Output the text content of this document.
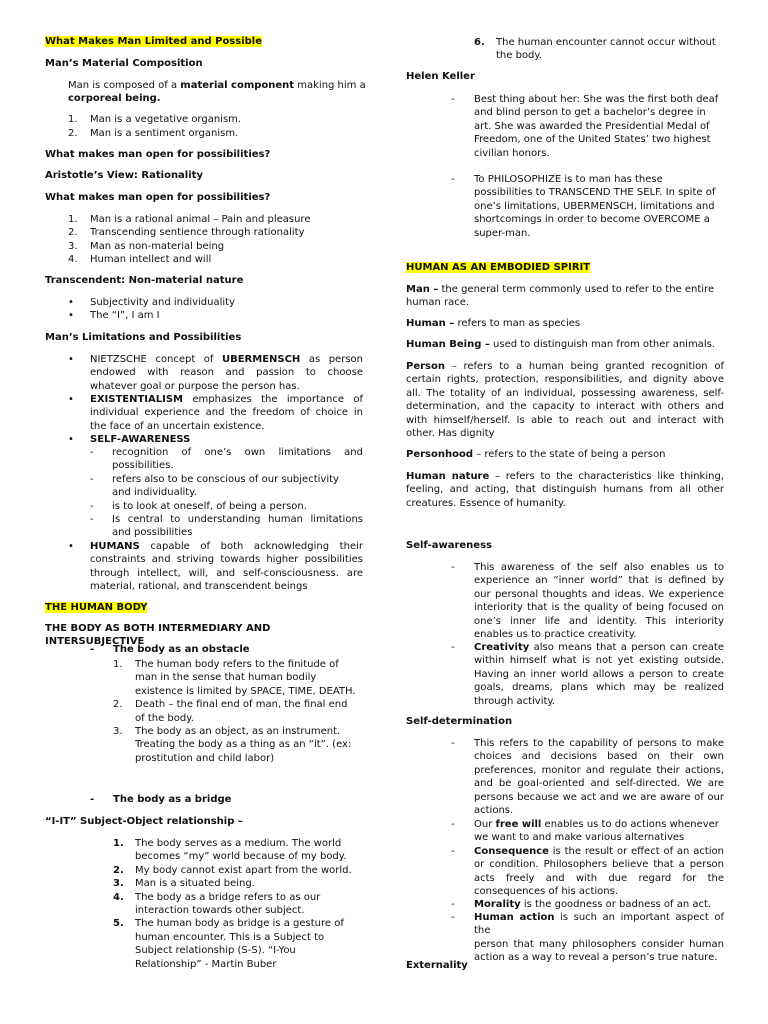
What Makes Man Limited and Possible

Man’s Material Composition

Man is composed of a material component making him a
corporeal being.
1. Man is a vegetative organism.
2. Man is a sentiment organism.

What makes man open for possibilities?

Aristotle’s View: Rationality

What makes man open for possibilities?

1. Man is a rational animal – Pain and pleasure
2. Transcending sentience through rationality
3. Man as non-material being
4. Human intellect and will

Transcendent: Non-material nature

•
Subjectivity and individuality
•
The “I”, I am I

Man’s Limitations and Possibilities

•
NIETZSCHE concept of UBERMENSCH as person
endowed with reason and passion to choose
whatever goal or purpose the person has.
•
EXISTENTIALISM emphasizes the importance of
individual experience and the freedom of choice in
the face of an uncertain existence.
•
SELF-AWARENESS
- recognition of one’s own limitations and
possibilities.
- refers also to be conscious of our subjectivity
and individuality.
- is to look at oneself, of being a person.
- Is central to understanding human limitations
and possibilities
•
HUMANS capable of both acknowledging their
constraints and striving towards higher possibilities
through intellect, will, and self-consciousness. are
material, rational, and transcendent beings

THE HUMAN BODY

THE BODY AS BOTH INTERMEDIARY AND INTERSUBJECTIVE

- The body as an obstacle
1. The human body refers to the finitude of
man in the sense that human bodily
existence is limited by SPACE, TIME, DEATH.
2. Death – the final end of man, the final end
of the body.
3. The body as an object, as an instrument.
Treating the body as a thing as an “it”. (ex:
prostitution and child labor)
- The body as a bridge

“I-IT” Subject-Object relationship –

1. The body serves as a medium. The world
becomes “my” world because of my body.
2. My body cannot exist apart from the world.
3. Man is a situated being.
4. The body as a bridge refers to as our
interaction towards other subject.
5. The human body as bridge is a gesture of
human encounter. This is a Subject to
Subject relationship (S-S). “I-You
Relationship” - Martin Buber
6. The human encounter cannot occur without
the body.

Helen Keller

- Best thing about her: She was the first both deaf
and blind person to get a bachelor’s degree in
art. She was awarded the Presidential Medal of
Freedom, one of the United States’ two highest
civilian honors.
- To PHILOSOPHIZE is to man has these
possibilities to TRANSCEND THE SELF. In spite of
one’s limitations, UBERMENSCH, limitations and
shortcomings in order to become OVERCOME a
super-man.

HUMAN AS AN EMBODIED SPIRIT

Man – the general term commonly used to refer to the entire
human race.
Human – refers to man as species
Human Being – used to distinguish man from other animals.
Person – refers to a human being granted recognition of
certain rights, protection, responsibilities, and dignity above
all. The totality of an individual, possessing awareness, self-
determination, and the capacity to interact with others and
with himself/herself. Is able to reach out and interact with
other. Has dignity
Personhood – refers to the state of being a person
Human nature – refers to the characteristics like thinking,
feeling, and acting, that distinguish humans from all other
creatures. Essence of humanity.

Self-awareness

- This awareness of the self also enables us to
experience an “inner world” that is defined by
our personal thoughts and ideas. We experience
interiority that is the quality of being focused on
one’s inner life and identity. This interiority
enables us to practice creativity.
- Creativity also means that a person can create
within himself what is not yet existing outside.
Having an inner world allows a person to create
goals, dreams, plans which may be realized
through activity.

Self-determination

- This refers to the capability of persons to make
choices and decisions based on their own
preferences, monitor and regulate their actions,
and be goal-oriented and self-directed. We are
persons because we act and we are aware of our
actions.
- Our free will enables us to do actions whenever
we want to and make various alternatives
- Consequence is the result or effect of an action
or condition. Philosophers believe that a person
acts freely and with due regard for the
consequences of his actions.
- Morality is the goodness or badness of an act.
- Human action is such an important aspect of the
person that many philosophers consider human
action as a way to reveal a person’s true nature.

Externality
